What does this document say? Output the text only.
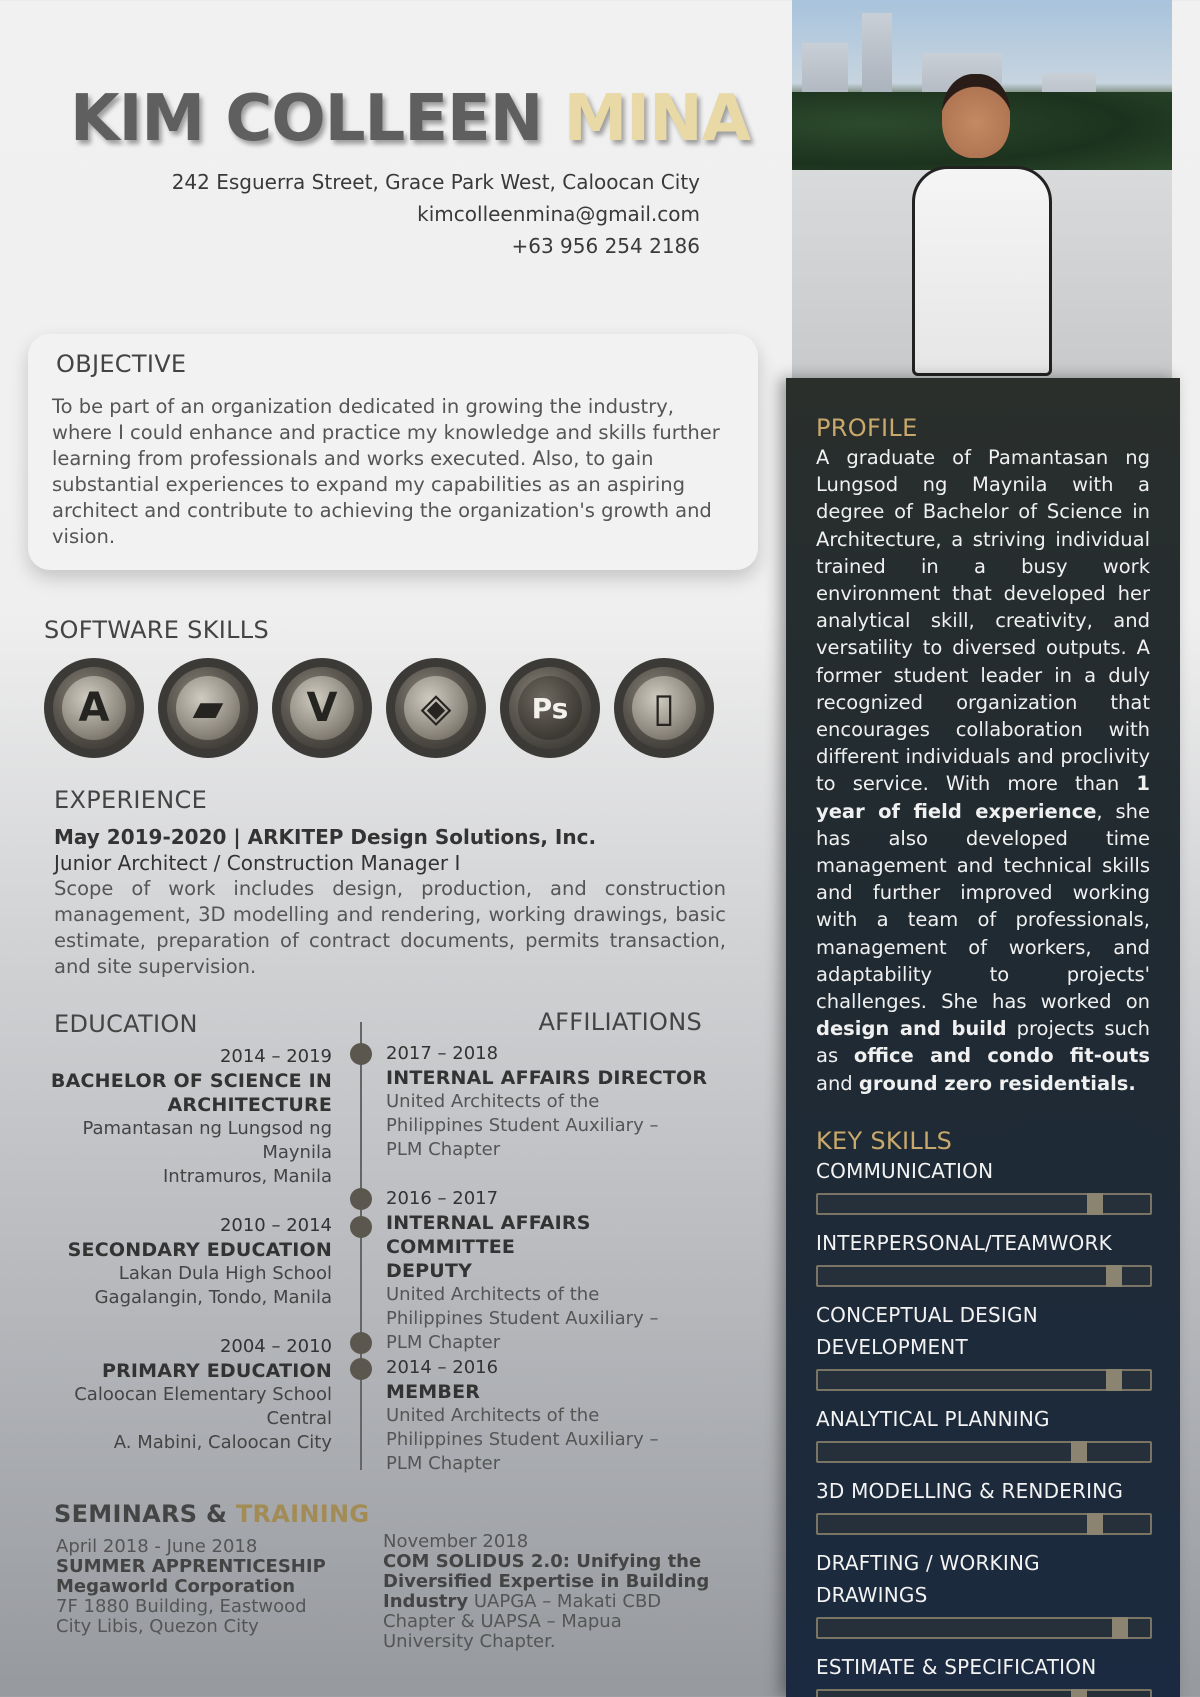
KIM COLLEEN MINA
242 Esguerra Street, Grace Park West, Caloocan City
kimcolleenmina@gmail.com
+63 956 254 2186
OBJECTIVE

To be part of an organization dedicated in growing the industry, where I could enhance and practice my knowledge and skills further learning from professionals and works executed. Also, to gain substantial experiences to expand my capabilities as an aspiring architect and contribute to achieving the organization's growth and vision.

SOFTWARE SKILLS
A	▰	V	◈	Ps	▯
EXPERIENCE
May 2019-2020 | ARKITEP Design Solutions, Inc.
Junior Architect / Construction Manager I
Scope of work includes design, production, and construction management, 3D modelling and rendering, working drawings, basic estimate, preparation of contract documents, permits transaction, and site supervision.
EDUCATION	AFFILIATIONS
2014 – 2019
BACHELOR OF SCIENCE IN
ARCHITECTURE
Pamantasan ng Lungsod ng
Maynila
Intramuros, Manila
2010 – 2014
SECONDARY EDUCATION
Lakan Dula High School
Gagalangin, Tondo, Manila
2004 – 2010
PRIMARY EDUCATION
Caloocan Elementary School
Central
A. Mabini, Caloocan City
2017 – 2018
INTERNAL AFFAIRS DIRECTOR
United Architects of the
Philippines Student Auxiliary –
PLM Chapter
2016 – 2017
INTERNAL AFFAIRS COMMITTEE
DEPUTY
United Architects of the
Philippines Student Auxiliary –
PLM Chapter
2014 – 2016
MEMBER
United Architects of the
Philippines Student Auxiliary –
PLM Chapter
SEMINARS & TRAINING
April 2018 - June 2018
SUMMER APPRENTICESHIP
Megaworld Corporation
7F 1880 Building, Eastwood
City Libis, Quezon City
November 2018
COM SOLIDUS 2.0: Unifying the
Diversified Expertise in Building
Industry UAPGA – Makati CBD
Chapter & UAPSA – Mapua
University Chapter.
PROFILE
A graduate of Pamantasan ng Lungsod ng Maynila with a degree of Bachelor of Science in Architecture, a striving individual trained in a busy work environment that developed her analytical skill, creativity, and versatility to diversed outputs. A former student leader in a duly recognized organization that encourages collaboration with different individuals and proclivity to service. With more than 1 year of field experience, she has also developed time management and technical skills and further improved working with a team of professionals, management of workers, and adaptability to projects' challenges. She has worked on design and build projects such as office and condo fit-outs and ground zero residentials.
KEY SKILLS
COMMUNICATION
INTERPERSONAL/TEAMWORK
CONCEPTUAL DESIGN
DEVELOPMENT
ANALYTICAL PLANNING
3D MODELLING & RENDERING
DRAFTING / WORKING
DRAWINGS
ESTIMATE & SPECIFICATION
